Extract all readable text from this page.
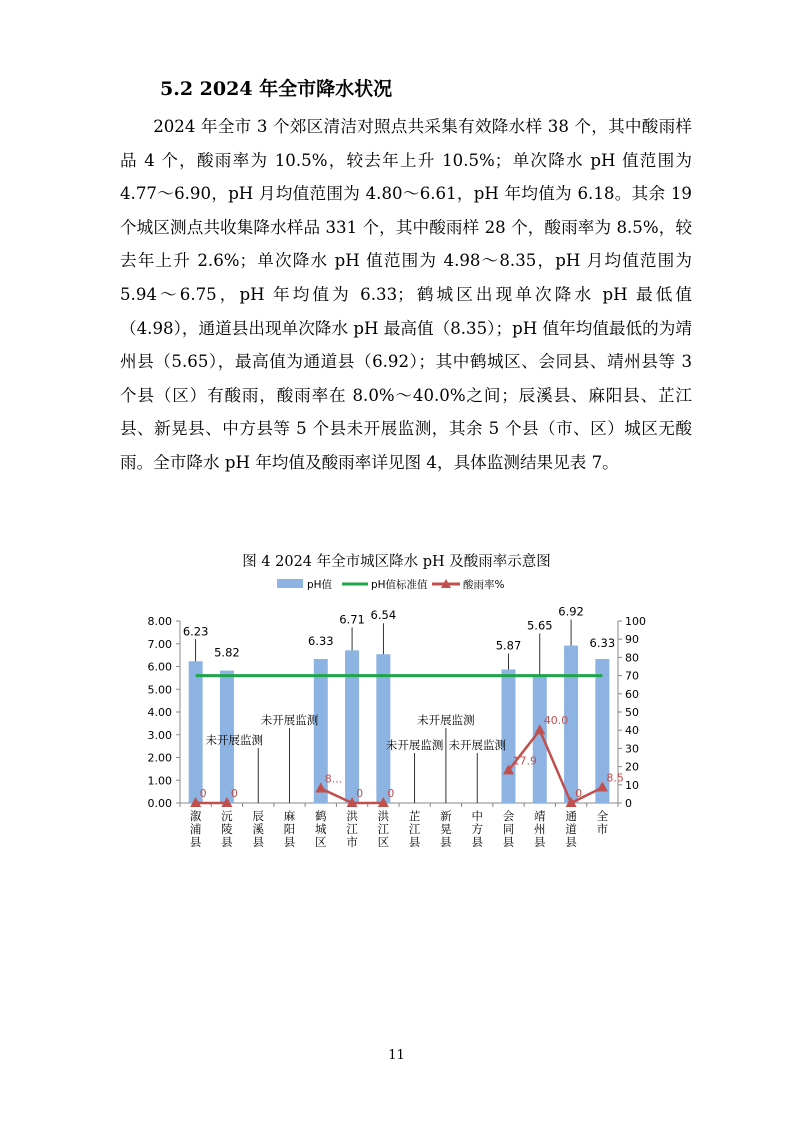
5.2 2024 年全市降水状况

2024 年全市 3 个郊区清洁对照点共采集有效降水样 38 个，其中酸雨样品 4 个，酸雨率为 10.5%，较去年上升 10.5%；单次降水 pH 值范围为 4.77～6.90，pH 月均值范围为 4.80～6.61，pH 年均值为 6.18。其余 19 个城区测点共收集降水样品 331 个，其中酸雨样 28 个，酸雨率为 8.5%，较去年上升 2.6%；单次降水 pH 值范围为 4.98～8.35，pH 月均值范围为 5.94～6.75，pH 年均值为 6.33；鹤城区出现单次降水 pH 最低值（4.98），通道县出现单次降水 pH 最高值（8.35）；pH 值年均值最低的为靖州县（5.65），最高值为通道县（6.92）；其中鹤城区、会同县、靖州县等 3 个县（区）有酸雨，酸雨率在 8.0%～40.0%之间；辰溪县、麻阳县、芷江县、新晃县、中方县等 5 个县未开展监测，其余 5 个县（市、区）城区无酸雨。全市降水 pH 年均值及酸雨率详见图 4，具体监测结果见表 7。

图 4 2024 年全市城区降水 pH 及酸雨率示意图
pH值	pH值标准值	酸雨率%
0.00
1.00
2.00
3.00
4.00
5.00
6.00
7.00
8.00
0
10
20
30
40
50
60
70
80
90
100
溆浦县
沅陵县
辰溪县
麻阳县
鹤城区
洪江市
洪江区
芷江县
新晃县
中方县
会同县
靖州县
通道县
全市
6.23
5.82
6.33
6.71 6.54
5.87
5.65
6.92
6.33
0 0
8...
0 0
17.9
40.0
0
8.5
未开展监测
未开展监测
未开展监测
未开展监测
未开展监测
11
